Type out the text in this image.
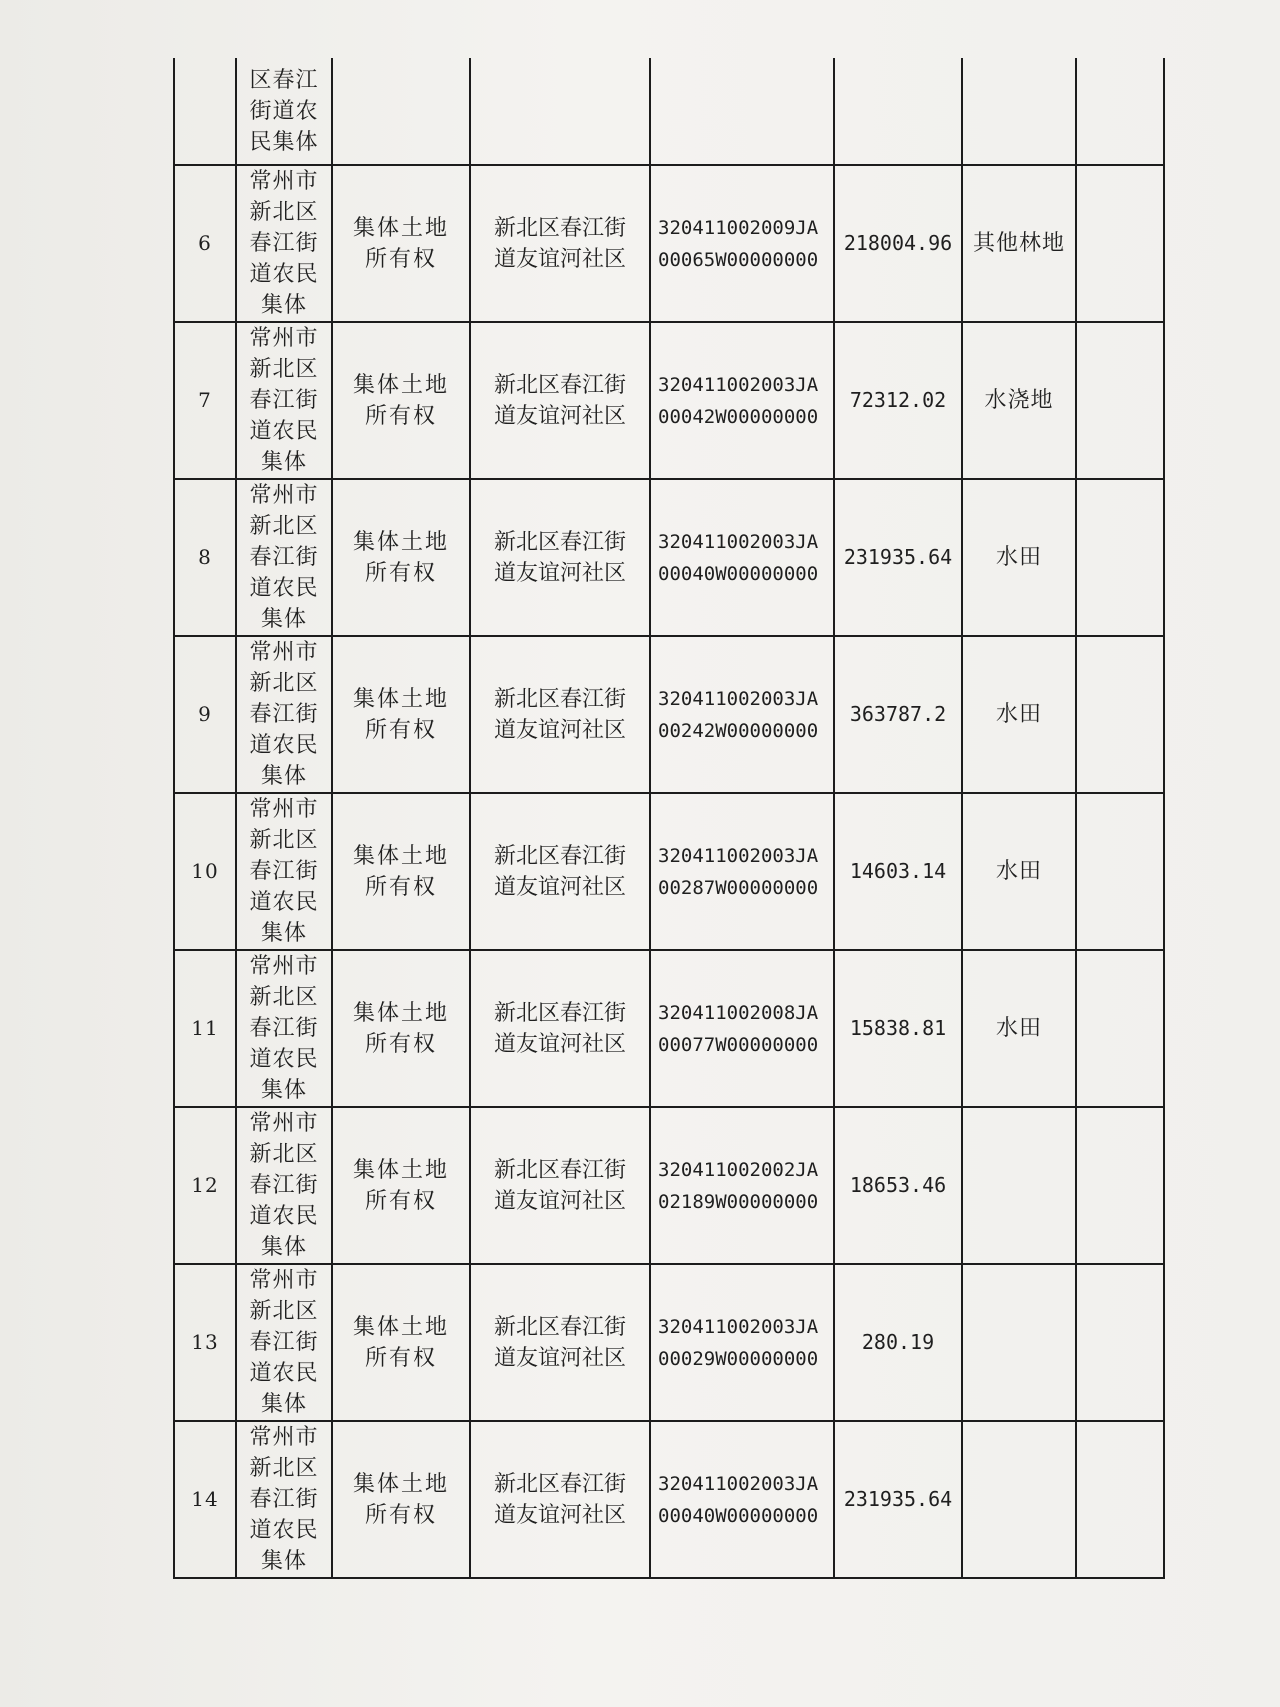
	区春江街道农民集体						

6	常州市新北区春江街道农民集体	集体土地所有权	新北区春江街道友谊河社区	320411002009JA00065W00000000	218004.96	其他林地	

7	常州市新北区春江街道农民集体	集体土地所有权	新北区春江街道友谊河社区	320411002003JA00042W00000000	72312.02	水浇地	

8	常州市新北区春江街道农民集体	集体土地所有权	新北区春江街道友谊河社区	320411002003JA00040W00000000	231935.64	水田	

9	常州市新北区春江街道农民集体	集体土地所有权	新北区春江街道友谊河社区	320411002003JA00242W00000000	363787.2	水田	

10	常州市新北区春江街道农民集体	集体土地所有权	新北区春江街道友谊河社区	320411002003JA00287W00000000	14603.14	水田	

11	常州市新北区春江街道农民集体	集体土地所有权	新北区春江街道友谊河社区	320411002008JA00077W00000000	15838.81	水田	

12	常州市新北区春江街道农民集体	集体土地所有权	新北区春江街道友谊河社区	320411002002JA02189W00000000	18653.46		

13	常州市新北区春江街道农民集体	集体土地所有权	新北区春江街道友谊河社区	320411002003JA00029W00000000	280.19		

14	常州市新北区春江街道农民集体	集体土地所有权	新北区春江街道友谊河社区	320411002003JA00040W00000000	231935.64		
